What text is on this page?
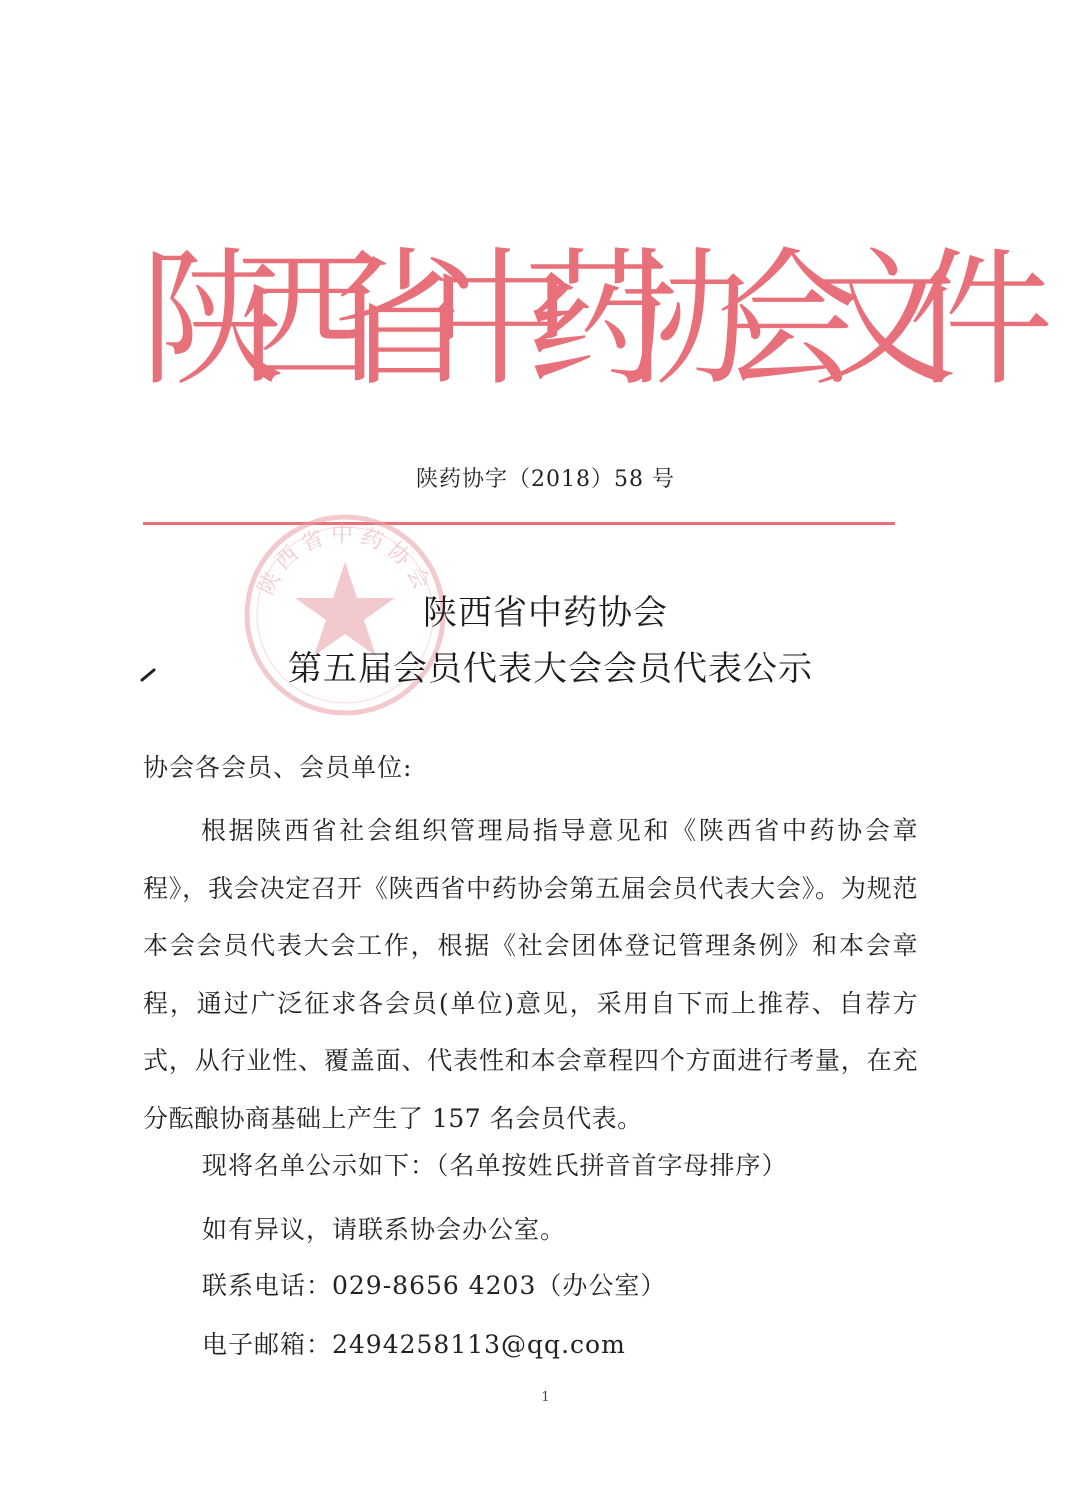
陕西省中药协会文件
陕药协字（2018）58 号
陕西省中药协会
陕西省中药协会
第五届会员代表大会会员代表公示
协会各会员、会员单位:
根据陕西省社会组织管理局指导意见和《陕西省中药协会章程》，我会决定召开《陕西省中药协会第五届会员代表大会》。为规范本会会员代表大会工作，根据《社会团体登记管理条例》和本会章程，通过广泛征求各会员(单位)意见，采用自下而上推荐、自荐方式，从行业性、覆盖面、代表性和本会章程四个方面进行考量，在充分酝酿协商基础上产生了 157 名会员代表。
现将名单公示如下：（名单按姓氏拼音首字母排序）
如有异议，请联系协会办公室。
联系电话：029-8656 4203（办公室）
电子邮箱：2494258113@qq.com
1
